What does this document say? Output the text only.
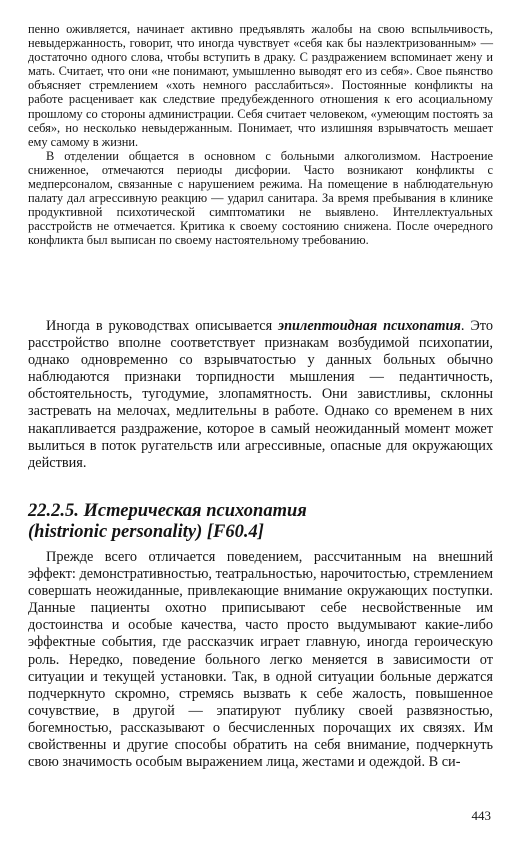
пенно оживляется, начинает активно предъявлять жалобы на свою вспыльчивость, невыдержанность, говорит, что иногда чувствует «себя как бы наэлектризованным» — достаточно одного слова, чтобы вступить в драку. С раздражением вспоминает жену и мать. Считает, что они «не понимают, умышленно выводят его из себя». Свое пьянство объясняет стремлением «хоть немного расслабиться». Постоянные конфликты на работе расценивает как следствие предубежденного отношения к его асоциальному прошлому со стороны администрации. Себя считает человеком, «умеющим постоять за себя», но несколько невыдержанным. Понимает, что излишняя взрывчатость мешает ему самому в жизни.

В отделении общается в основном с больными алкоголизмом. Настроение сниженное, отмечаются периоды дисфории. Часто возникают конфликты с медперсоналом, связанные с нарушением режима. На помещение в наблюдательную палату дал агрессивную реакцию — ударил санитара. За время пребывания в клинике продуктивной психотической симптоматики не выявлено. Интеллектуальных расстройств не отмечается. Критика к своему состоянию снижена. После очередного конфликта был выписан по своему настоятельному требованию.

Иногда в руководствах описывается эпилептоидная психопатия. Это расстройство вполне соответствует признакам возбудимой психопатии, однако одновременно со взрывчатостью у данных больных обычно наблюдаются признаки торпидности мышления — педантичность, обстоятельность, тугодумие, злопамятность. Они завистливы, склонны застревать на мелочах, медлительны в работе. Однако со временем в них накапливается раздражение, которое в самый неожиданный момент может вылиться в поток ругательств или агрессивные, опасные для окружающих действия.

22.2.5. Истерическая психопатия
(histrionic personality) [F60.4]

Прежде всего отличается поведением, рассчитанным на внешний эффект: демонстративностью, театральностью, нарочитостью, стремлением совершать неожиданные, привлекающие внимание окружающих поступки. Данные пациенты охотно приписывают себе несвойственные им достоинства и особые качества, часто просто выдумывают какие-либо эффектные события, где рассказчик играет главную, иногда героическую роль. Нередко, поведение больного легко меняется в зависимости от ситуации и текущей установки. Так, в одной ситуации больные держатся подчеркнуто скромно, стремясь вызвать к себе жалость, повышенное сочувствие, в другой — эпатируют публику своей развязностью, богемностью, рассказывают о бесчисленных порочащих их связях. Им свойственны и другие способы обратить на себя внимание, подчеркнуть свою значимость особым выражением лица, жестами и одеждой. В си-

443
